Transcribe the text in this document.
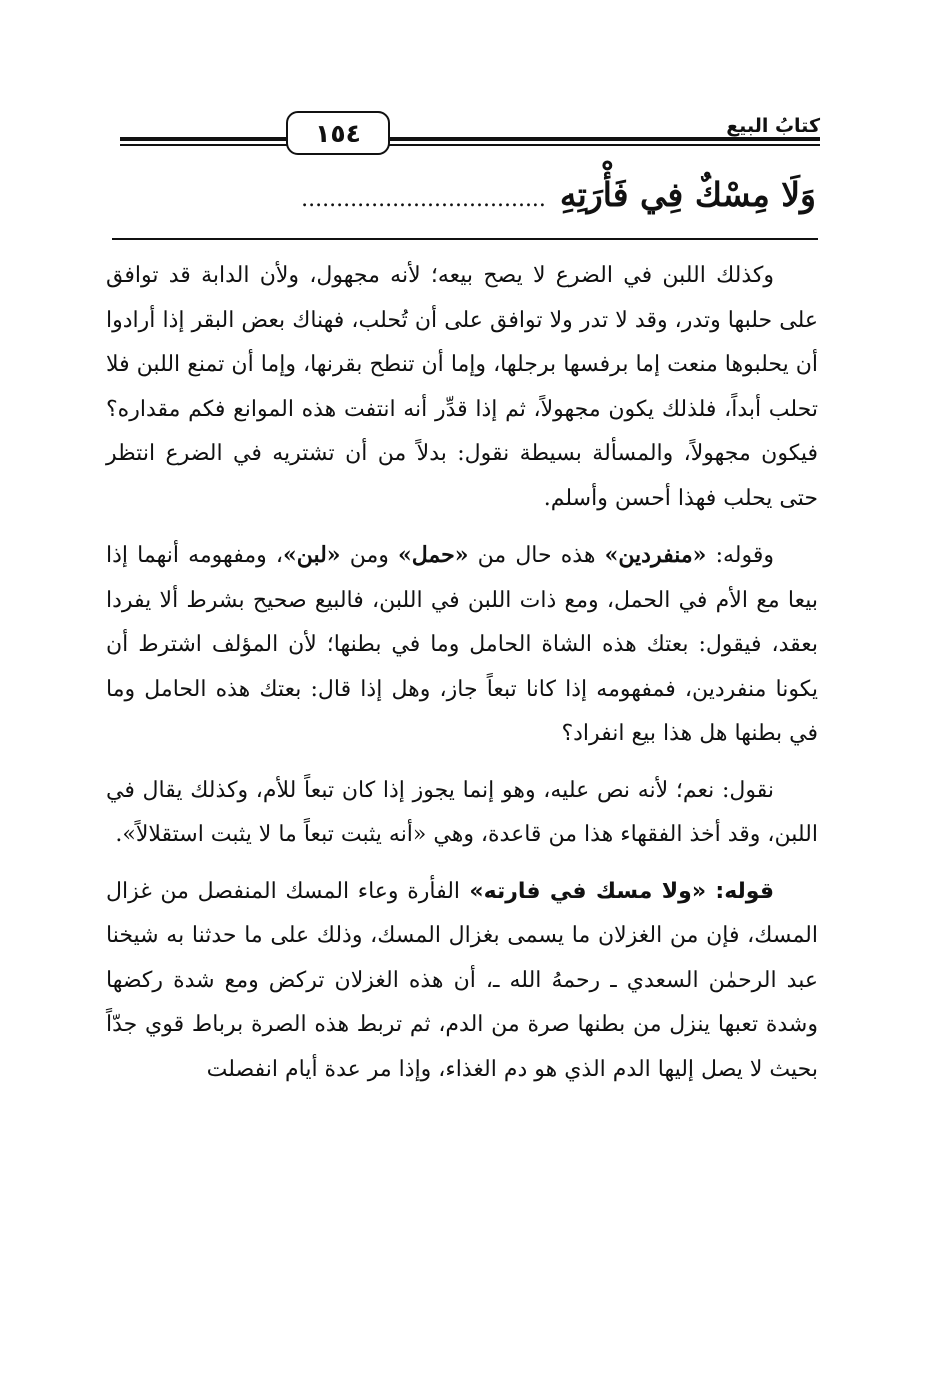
كتابُ البيع
١٥٤
وَلَا مِسْكٌ فِي فَأْرَتِهِ...................................

وكذلك اللبن في الضرع لا يصح بيعه؛ لأنه مجهول، ولأن الدابة قد توافق على حلبها وتدر، وقد لا تدر ولا توافق على أن تُحلب، فهناك بعض البقر إذا أرادوا أن يحلبوها منعت إما برفسها برجلها، وإما أن تنطح بقرنها، وإما أن تمنع اللبن فلا تحلب أبداً، فلذلك يكون مجهولاً، ثم إذا قدِّر أنه انتفت هذه الموانع فكم مقداره؟ فيكون مجهولاً، والمسألة بسيطة نقول: بدلاً من أن تشتريه في الضرع انتظر حتى يحلب فهذا أحسن وأسلم.

وقوله: «منفردين» هذه حال من «حمل» ومن «لبن»، ومفهومه أنهما إذا بيعا مع الأم في الحمل، ومع ذات اللبن في اللبن، فالبيع صحيح بشرط ألا يفردا بعقد، فيقول: بعتك هذه الشاة الحامل وما في بطنها؛ لأن المؤلف اشترط أن يكونا منفردين، فمفهومه إذا كانا تبعاً جاز، وهل إذا قال: بعتك هذه الحامل وما في بطنها هل هذا بيع انفراد؟

نقول: نعم؛ لأنه نص عليه، وهو إنما يجوز إذا كان تبعاً للأم، وكذلك يقال في اللبن، وقد أخذ الفقهاء هذا من قاعدة، وهي «أنه يثبت تبعاً ما لا يثبت استقلالاً».

قوله: «ولا مسك في فارته» الفأرة وعاء المسك المنفصل من غزال المسك، فإن من الغزلان ما يسمى بغزال المسك، وذلك على ما حدثنا به شيخنا عبد الرحمٰن السعدي ـ رحمهُ الله ـ، أن هذه الغزلان تركض ومع شدة ركضها وشدة تعبها ينزل من بطنها صرة من الدم، ثم تربط هذه الصرة برباط قوي جدّاً بحيث لا يصل إليها الدم الذي هو دم الغذاء، وإذا مر عدة أيام انفصلت
